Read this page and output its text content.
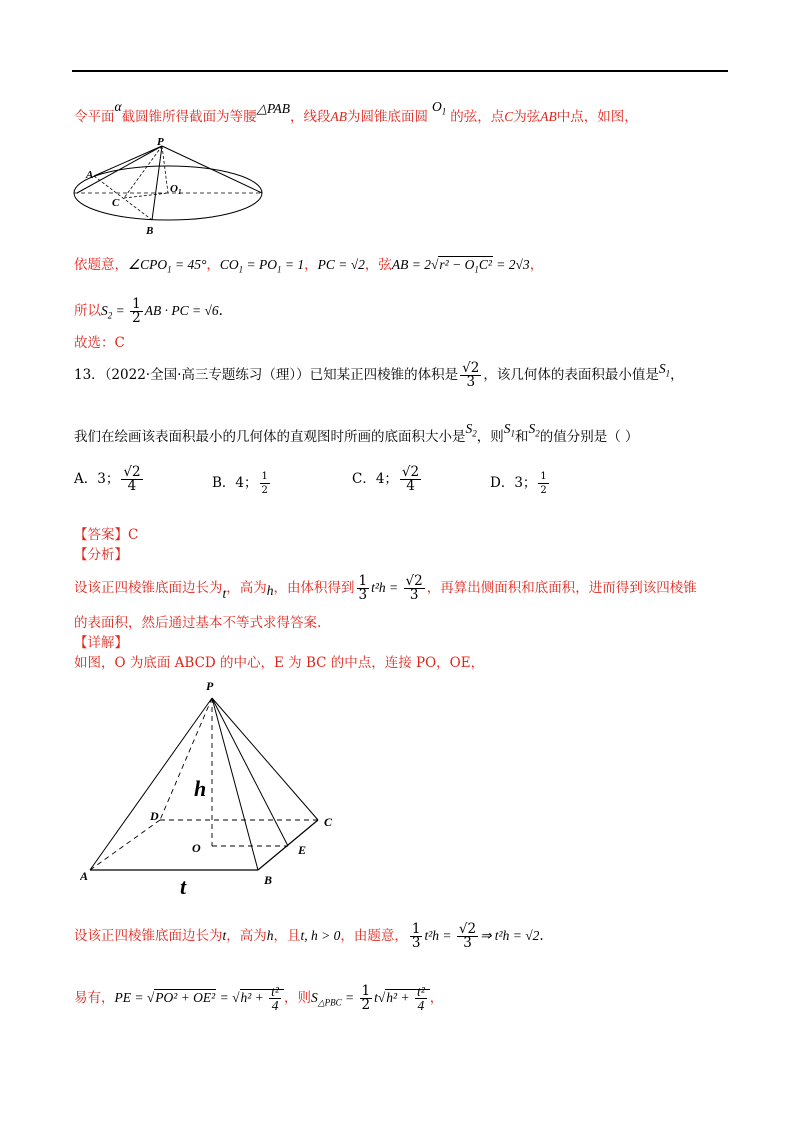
令平面α截圆锥所得截面为等腰△PAB，线段AB为圆锥底面圆$O_1$ 的弦，点C为弦AB中点，如图，
P
A
C
O1
B
依题意，$\angle CPO_1 = 45^\circ$，$CO_1 = PO_1 = 1$，PC = √2，弦AB = $2√r^2 - O_1C^2 = 2√3$，
所以$S_2 = \frac{1}{2}$ AB · PC = √6.
故选：C
13．（2022·全国·高三专题练习（理））已知某正四棱锥的体积是 $\frac{√2}{3}$ ，该几何体的表面积最小值是$S_1$，
我们在绘画该表面积最小的几何体的直观图时所画的底面积大小是$S_2$，则$S_1$和$S_2$的值分别是（ ）
A．3； $\frac{√2}{4}$	B．4； $\frac{1}{2}$	C．4； $\frac{√2}{4}$	D．3； $\frac{1}{2}$
【答案】C
【分析】
设该正四棱锥底面边长为t，高为h，由体积得到 $\frac{1}{3} t^2h = \frac{√2}{3}$ ，再算出侧面积和底面积，进而得到该四棱锥
的表面积，然后通过基本不等式求得答案.
【详解】
如图，O 为底面 ABCD 的中心，E 为 BC 的中点，连接 PO，OE，
P
h
D	C
O	E
A	B
t
设该正四棱锥底面边长为t，高为h，且t, h > 0，由题意， $\frac{1}{3} t^2h = \frac{√2}{3}$ ⇒ t²h = √2.
易有，PE = $√PO^2 + OE^2 = √h^2 + \frac{\text{t²}}{4}$ ，则$S_{\triangle PBC} = \frac{1}{2} t√h^2 + \frac{\text{t²}}{4}$ ，
